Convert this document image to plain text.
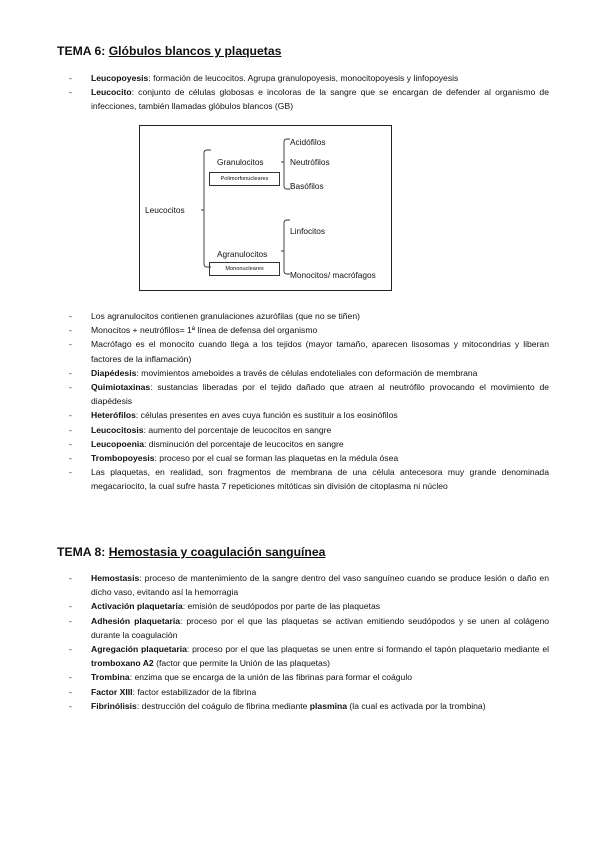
TEMA 6: Glóbulos blancos y plaquetas
- Leucopoyesis: formación de leucocitos. Agrupa granulopoyesis, monocitopoyesis y linfopoyesis
- Leucocito: conjunto de células globosas e incoloras de la sangre que se encargan de defender al organismo de infecciones, también llamadas glóbulos blancos (GB)
Leucocitos
Granulocitos
Polimorfonucleares
Acidófilos
Neutrófilos
Basófilos
Agranulocitos
Mononucleares
Linfocitos
Monocitos/ macrófagos
- Los agranulocitos contienen granulaciones azurófilas (que no se tiñen)
- Monocitos + neutrófilos= 1ª línea de defensa del organismo
- Macrófago es el monocito cuando llega a los tejidos (mayor tamaño, aparecen lisosomas y mitocondrias y liberan factores de la inflamación)
- Diapédesis: movimientos ameboides a través de células endoteliales con deformación de membrana
- Quimiotaxinas: sustancias liberadas por el tejido dañado que atraen al neutrófilo provocando el movimiento de diapédesis
- Heterófilos: células presentes en aves cuya función es sustituir a los eosinófilos
- Leucocitosis: aumento del porcentaje de leucocitos en sangre
- Leucopoenia: disminución del porcentaje de leucocitos en sangre
- Trombopoyesis: proceso por el cual se forman las plaquetas en la médula ósea
- Las plaquetas, en realidad, son fragmentos de membrana de una célula antecesora muy grande denominada megacariocito, la cual sufre hasta 7 repeticiones mitóticas sin división de citoplasma ni núcleo
TEMA 8: Hemostasia y coagulación sanguínea
- Hemostasis: proceso de mantenimiento de la sangre dentro del vaso sanguíneo cuando se produce lesión o daño en dicho vaso, evitando así la hemorragia
- Activación plaquetaria: emisión de seudópodos por parte de las plaquetas
- Adhesión plaquetaria: proceso por el que las plaquetas se activan emitiendo seudópodos y se unen al colágeno durante la coagulación
- Agregación plaquetaria: proceso por el que las plaquetas se unen entre si formando el tapón plaquetario mediante el tromboxano A2 (factor que permite la Unión de las plaquetas)
- Trombina: enzima que se encarga de la unión de las fibrinas para formar el coágulo
- Factor XIII: factor estabilizador de la fibrina
- Fibrinólisis: destrucción del coágulo de fibrina mediante plasmina (la cual es activada por la trombina)
